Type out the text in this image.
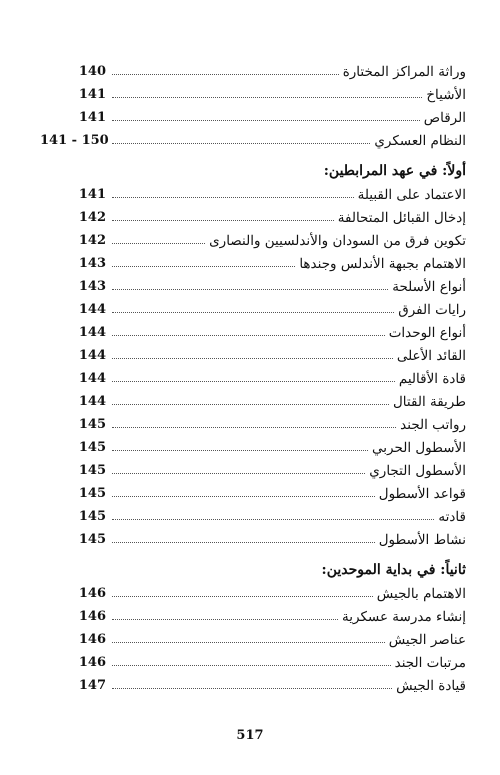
وراثة المراكز المختارة
140
الأشياخ
141
الرقاص
141
النظام العسكري
141 - 150
أولاً: في عهد المرابطين:
الاعتماد على القبيلة
141
إدخال القبائل المتحالفة
142
تكوين فرق من السودان والأندلسيين والنصارى
142
الاهتمام بجبهة الأندلس وجندها
143
أنواع الأسلحة
143
رايات الفرق
144
أنواع الوحدات
144
القائد الأعلى
144
قادة الأقاليم
144
طريقة القتال
144
رواتب الجند
145
الأسطول الحربي
145
الأسطول التجاري
145
قواعد الأسطول
145
قادته
145
نشاط الأسطول
145
ثانياً: في بداية الموحدين:
الاهتمام بالجيش
146
إنشاء مدرسة عسكرية
146
عناصر الجيش
146
مرتبات الجند
146
قيادة الجيش
147
517
